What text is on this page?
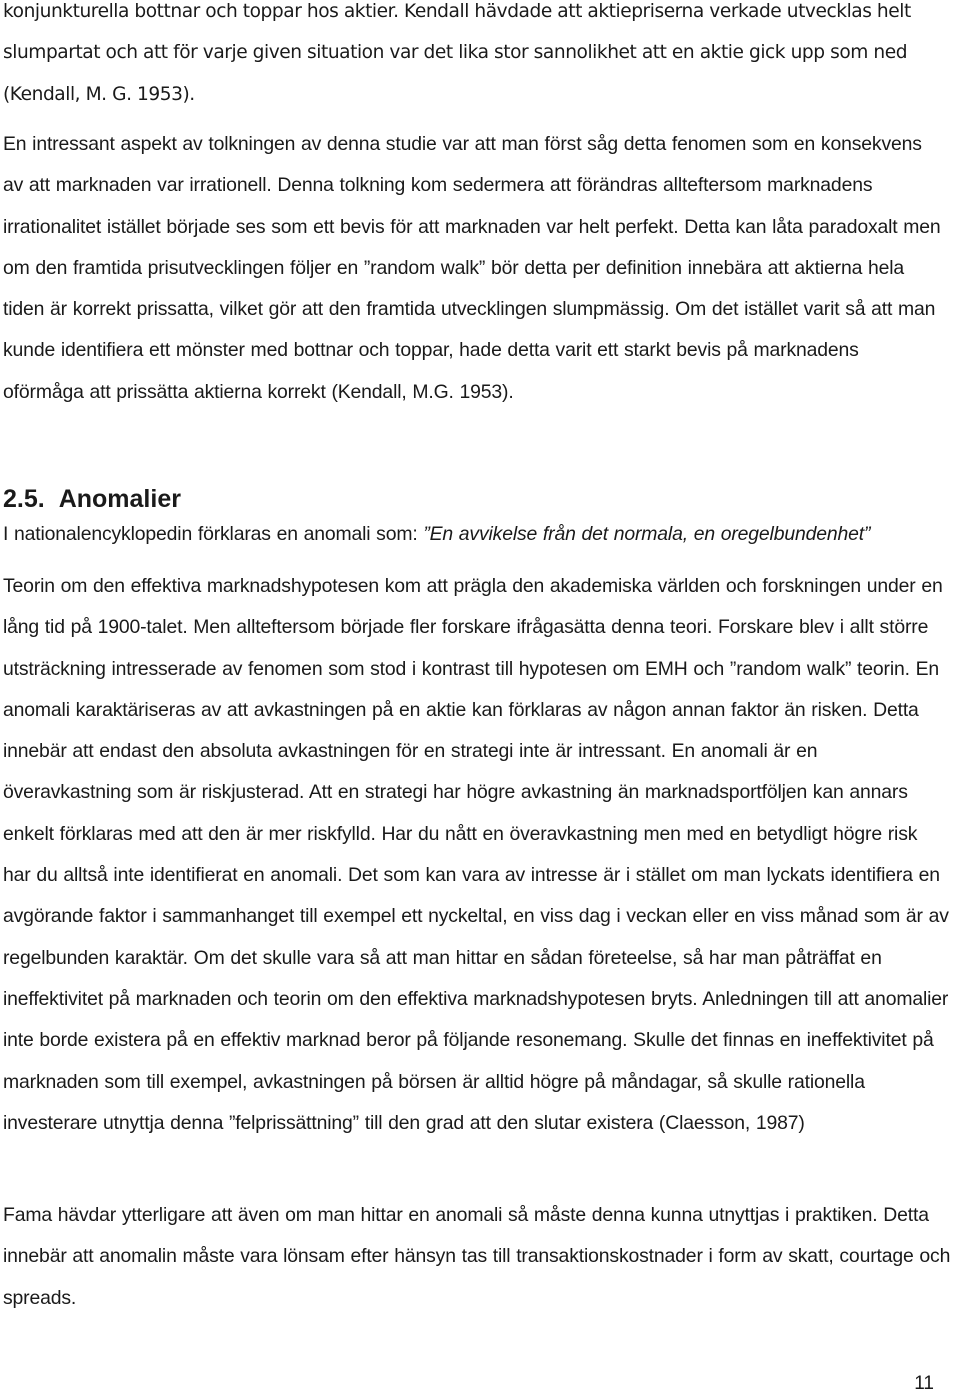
konjunkturella bottnar och toppar hos aktier. Kendall hävdade att aktiepriserna verkade utvecklas helt slumpartat och att för varje given situation var det lika stor sannolikhet att en aktie gick upp som ned (Kendall, M. G. 1953).

En intressant aspekt av tolkningen av denna studie var att man först såg detta fenomen som en konsekvens av att marknaden var irrationell. Denna tolkning kom sedermera att förändras allteftersom marknadens irrationalitet istället började ses som ett bevis för att marknaden var helt perfekt. Detta kan låta paradoxalt men om den framtida prisutvecklingen följer en ”random walk” bör detta per definition innebära att aktierna hela tiden är korrekt prissatta, vilket gör att den framtida utvecklingen slumpmässig. Om det istället varit så att man kunde identifiera ett mönster med bottnar och toppar, hade detta varit ett starkt bevis på marknadens oförmåga att prissätta aktierna korrekt (Kendall, M.G. 1953).

2.5. Anomalier

I nationalencyklopedin förklaras en anomali som: ”En avvikelse från det normala, en oregelbundenhet”

Teorin om den effektiva marknadshypotesen kom att prägla den akademiska världen och forskningen under en lång tid på 1900-talet. Men allteftersom började fler forskare ifrågasätta denna teori. Forskare blev i allt större utsträckning intresserade av fenomen som stod i kontrast till hypotesen om EMH och ”random walk” teorin. En anomali karaktäriseras av att avkastningen på en aktie kan förklaras av någon annan faktor än risken. Detta innebär att endast den absoluta avkastningen för en strategi inte är intressant. En anomali är en överavkastning som är riskjusterad. Att en strategi har högre avkastning än marknadsportföljen kan annars enkelt förklaras med att den är mer riskfylld. Har du nått en överavkastning men med en betydligt högre risk har du alltså inte identifierat en anomali. Det som kan vara av intresse är i stället om man lyckats identifiera en avgörande faktor i sammanhanget till exempel ett nyckeltal, en viss dag i veckan eller en viss månad som är av regelbunden karaktär. Om det skulle vara så att man hittar en sådan företeelse, så har man påträffat en ineffektivitet på marknaden och teorin om den effektiva marknadshypotesen bryts. Anledningen till att anomalier inte borde existera på en effektiv marknad beror på följande resonemang. Skulle det finnas en ineffektivitet på marknaden som till exempel, avkastningen på börsen är alltid högre på måndagar, så skulle rationella investerare utnyttja denna ”felprissättning” till den grad att den slutar existera (Claesson, 1987)

Fama hävdar ytterligare att även om man hittar en anomali så måste denna kunna utnyttjas i praktiken. Detta innebär att anomalin måste vara lönsam efter hänsyn tas till transaktionskostnader i form av skatt, courtage och spreads.

11
